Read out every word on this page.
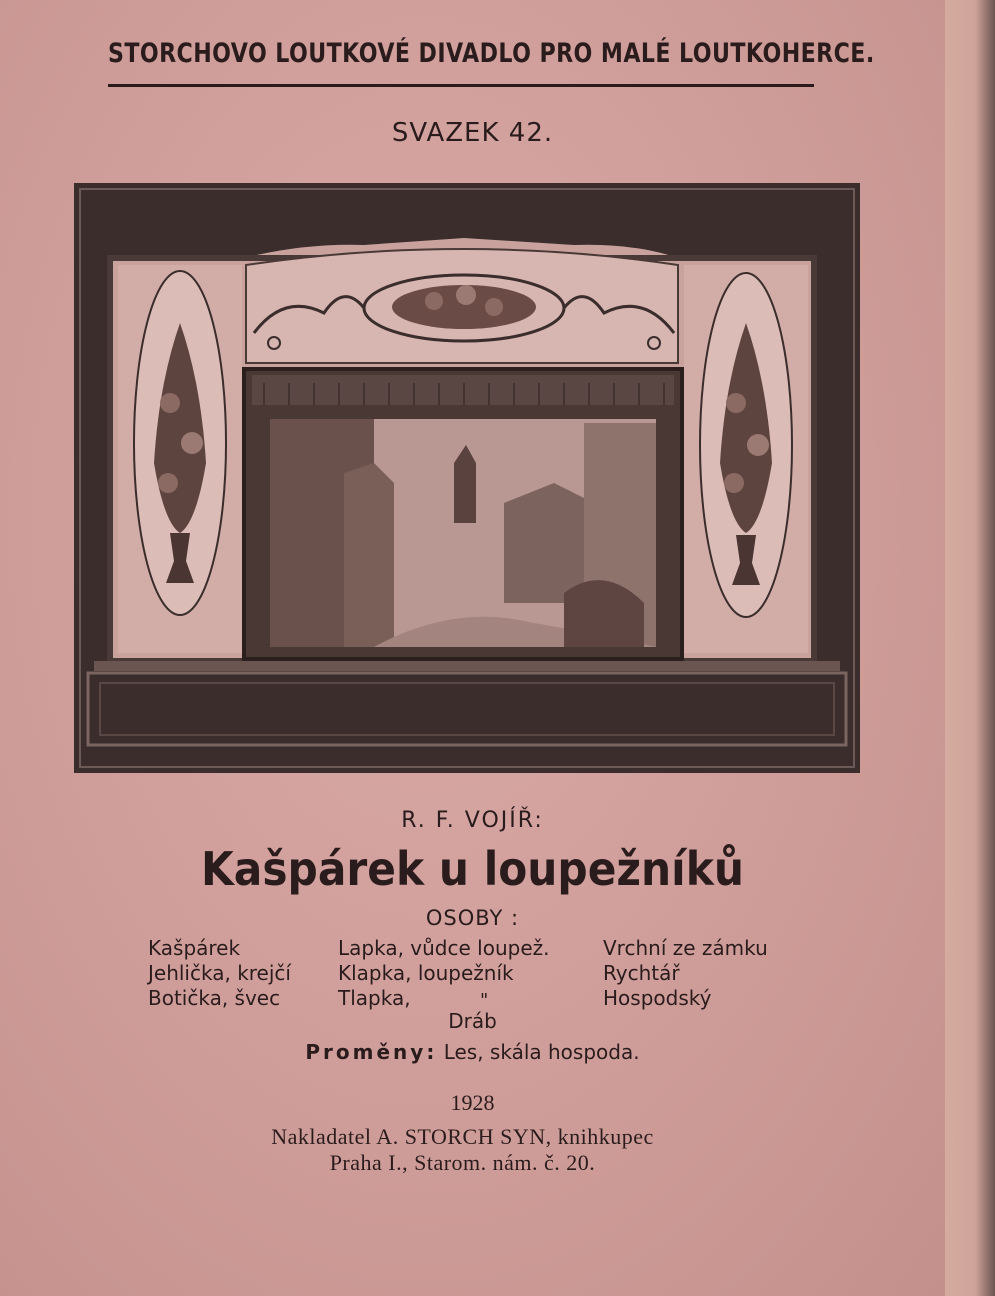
STORCHOVO LOUTKOVÉ DIVADLO PRO MALÉ LOUTKOHERCE.
SVAZEK 42.
R. F. VOJÍŘ:
Kašpárek u loupežníků
OSOBY :
Kašpárek
Jehlička, krejčí
Botička, švec
Lapka, vůdce loupež.
Klapka, loupežník
Tlapka,	"
Vrchní ze zámku
Rychtář
Hospodský
Dráb
Proměny: Les, skála hospoda.
1928
Nakladatel A. STORCH SYN, knihkupec
Praha I., Starom. nám. č. 20.
